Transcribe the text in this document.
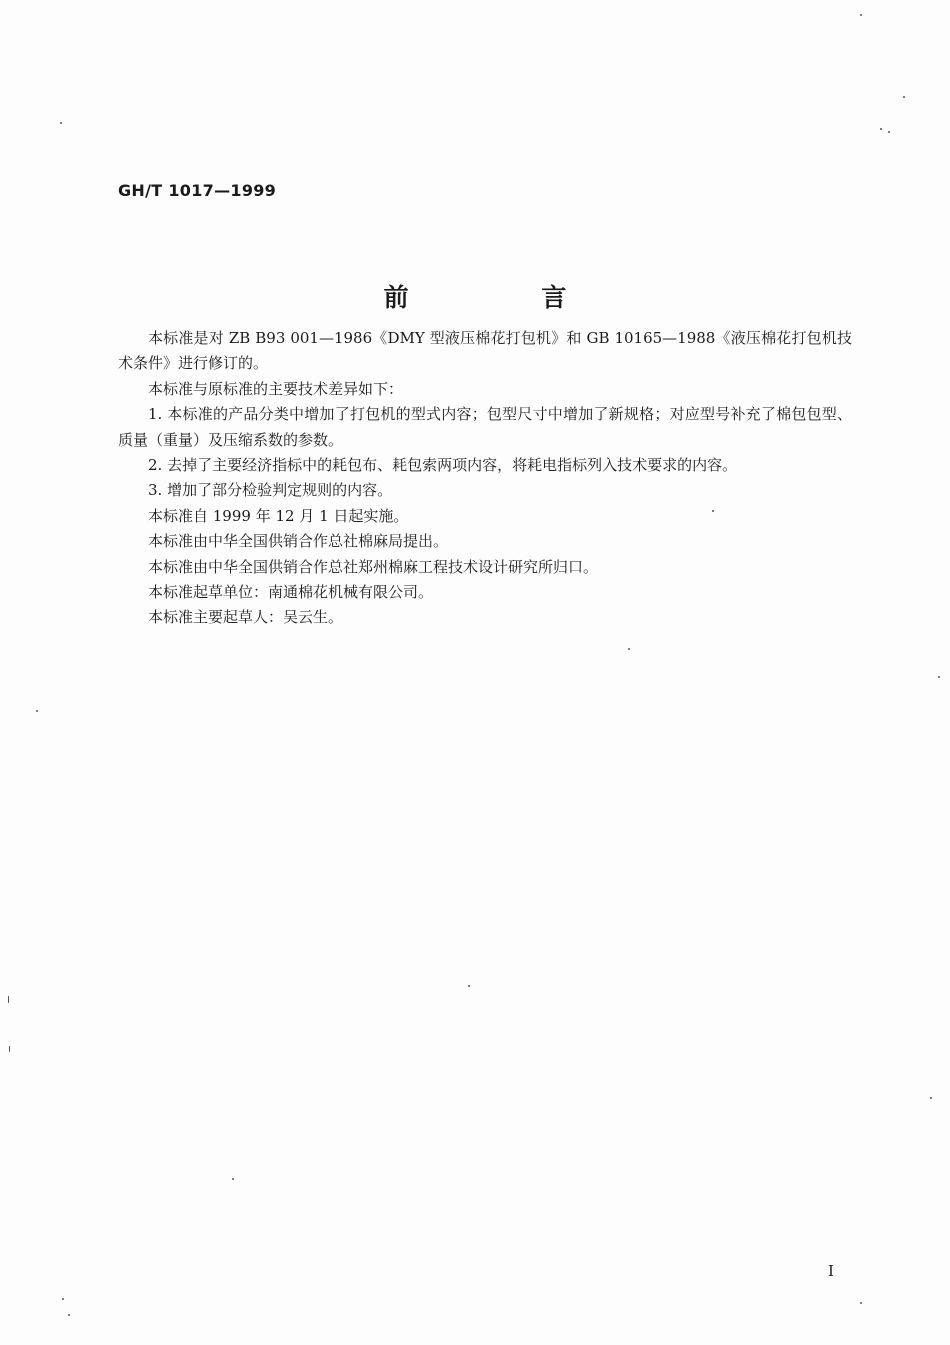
GH/T 1017—1999
前 言

本标准是对 ZB B93 001—1986《DMY 型液压棉花打包机》和 GB 10165—1988《液压棉花打包机技术条件》进行修订的。

本标准与原标准的主要技术差异如下：

1. 本标准的产品分类中增加了打包机的型式内容；包型尺寸中增加了新规格；对应型号补充了棉包包型、质量（重量）及压缩系数的参数。

2. 去掉了主要经济指标中的耗包布、耗包索两项内容，将耗电指标列入技术要求的内容。

3. 增加了部分检验判定规则的内容。

本标准自 1999 年 12 月 1 日起实施。

本标准由中华全国供销合作总社棉麻局提出。

本标准由中华全国供销合作总社郑州棉麻工程技术设计研究所归口。

本标准起草单位：南通棉花机械有限公司。

本标准主要起草人：吴云生。

I
